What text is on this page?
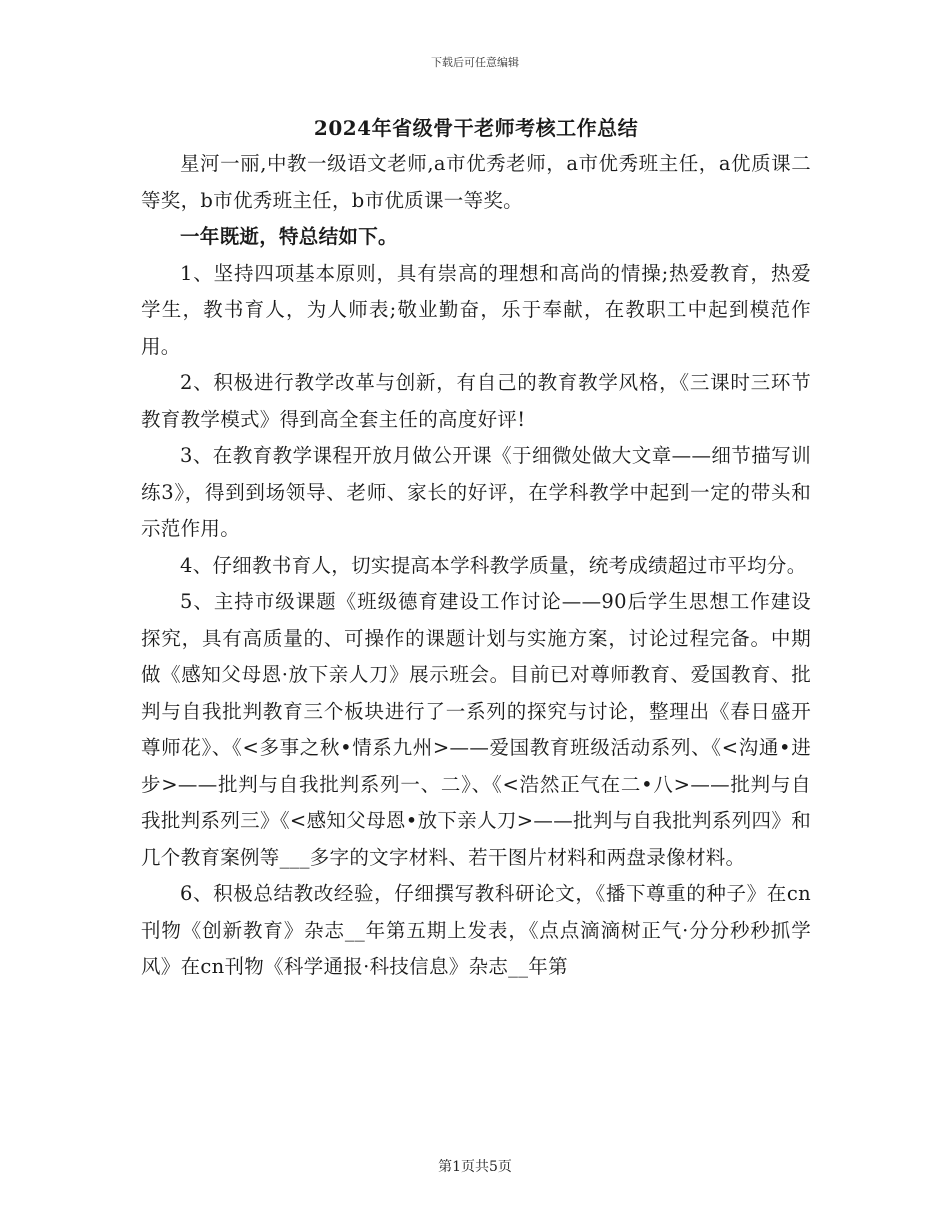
下载后可任意编辑
2024年省级骨干老师考核工作总结

星河一丽,中教一级语文老师,a市优秀老师，a市优秀班主任，a优质课二等奖，b市优秀班主任，b市优质课一等奖。

一年既逝，特总结如下。

1、坚持四项基本原则，具有崇高的理想和高尚的情操;热爱教育，热爱学生，教书育人，为人师表;敬业勤奋，乐于奉献，在教职工中起到模范作用。

2、积极进行教学改革与创新，有自己的教育教学风格，《三课时三环节教育教学模式》得到高全套主任的高度好评!

3、在教育教学课程开放月做公开课《于细微处做大文章——细节描写训练3》，得到到场领导、老师、家长的好评，在学科教学中起到一定的带头和示范作用。

4、仔细教书育人，切实提高本学科教学质量，统考成绩超过市平均分。

5、主持市级课题《班级德育建设工作讨论——90后学生思想工作建设探究，具有高质量的、可操作的课题计划与实施方案，讨论过程完备。中期做《感知父母恩·放下亲人刀》展示班会。目前已对尊师教育、爱国教育、批判与自我批判教育三个板块进行了一系列的探究与讨论，整理出《春日盛开尊师花》、《<多事之秋•情系九州>——爱国教育班级活动系列、《<沟通•进步>——批判与自我批判系列一、二》、《<浩然正气在二•八>——批判与自我批判系列三》《<感知父母恩•放下亲人刀>——批判与自我批判系列四》和几个教育案例等___多字的文字材料、若干图片材料和两盘录像材料。

6、积极总结教改经验，仔细撰写教科研论文，《播下尊重的种子》在cn刊物《创新教育》杂志__年第五期上发表，《点点滴滴树正气·分分秒秒抓学风》在cn刊物《科学通报·科技信息》杂志__年第

第1页共5页
